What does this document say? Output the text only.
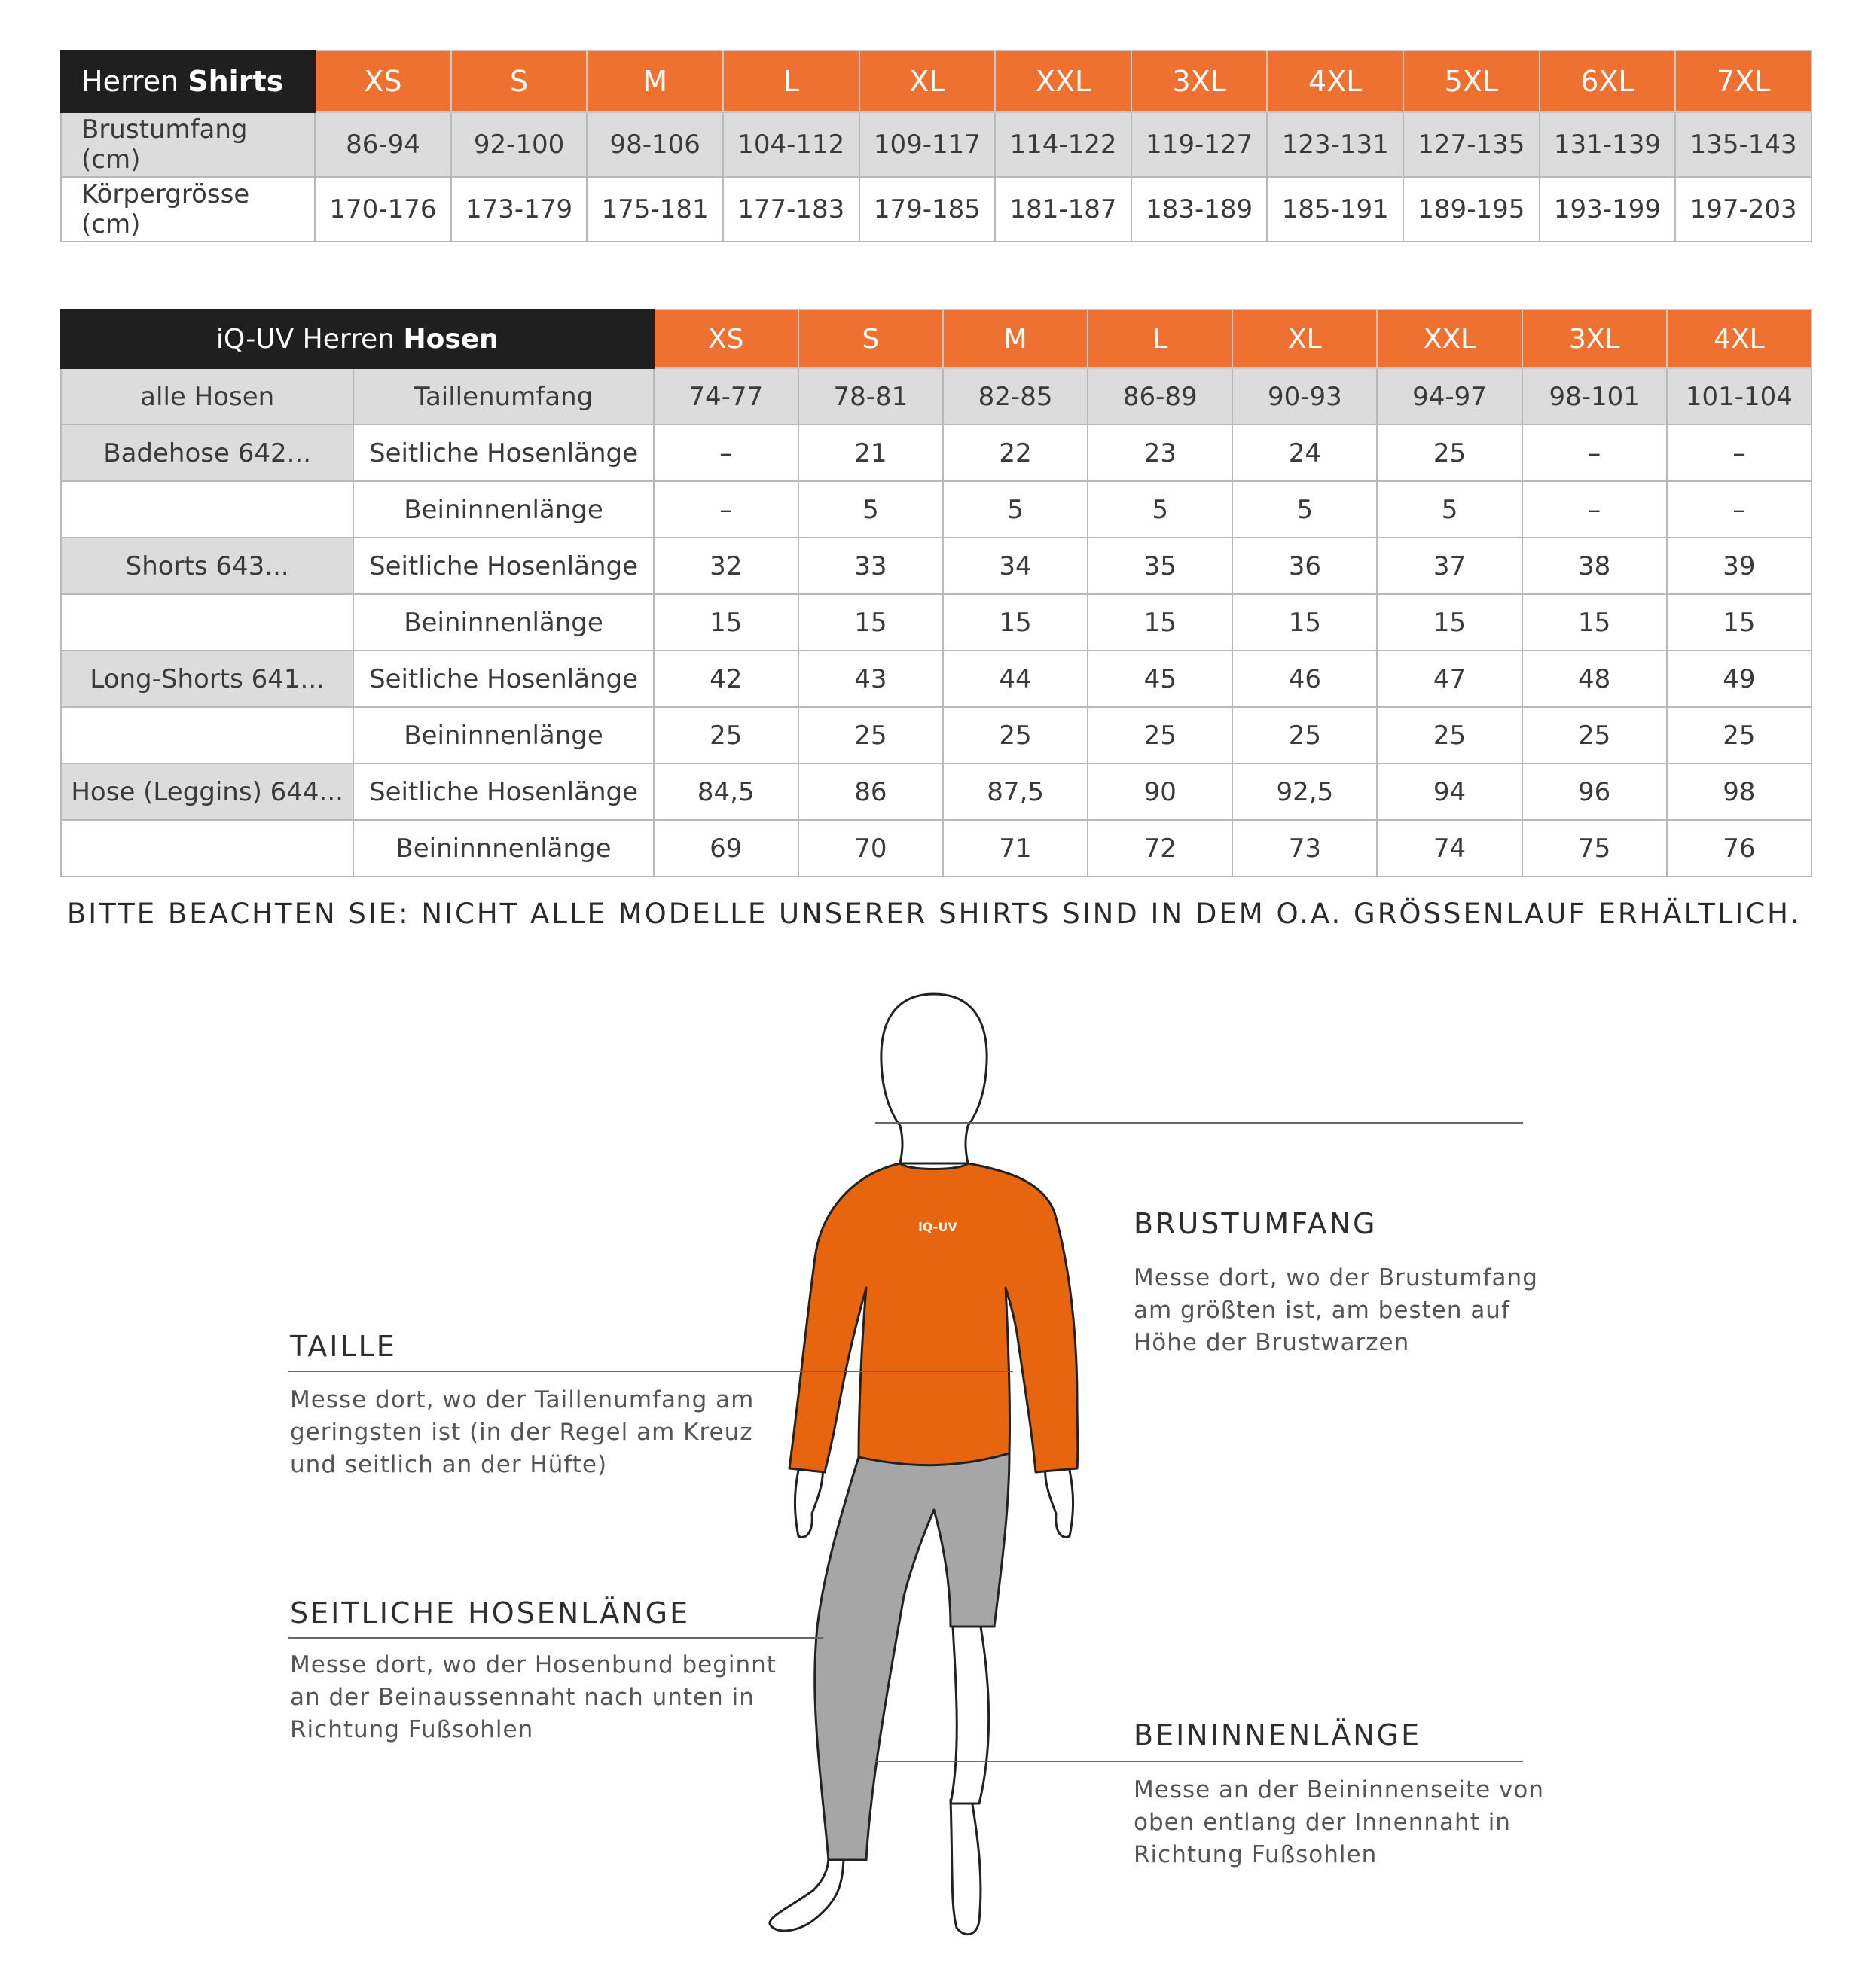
Herren Shirts	XS	S	M	L	XL	XXL	3XL	4XL	5XL	6XL	7XL
Brustumfang (cm)	86-94	92-100	98-106	104-112	109-117	114-122	119-127	123-131	127-135	131-139	135-143
Körpergrösse (cm)	170-176	173-179	175-181	177-183	179-185	181-187	183-189	185-191	189-195	193-199	197-203
iQ-UV Herren Hosen		XS	S	M	L	XL	XXL	3XL	4XL
alle Hosen	Taillenumfang	74-77	78-81	82-85	86-89	90-93	94-97	98-101	101-104
Badehose 642...	Seitliche Hosenlänge	–	21	22	23	24	25	–	–
	Beininnenlänge	–	5	5	5	5	5	–	–
Shorts 643...	Seitliche Hosenlänge	32	33	34	35	36	37	38	39
	Beininnenlänge	15	15	15	15	15	15	15	15
Long-Shorts 641...	Seitliche Hosenlänge	42	43	44	45	46	47	48	49
	Beininnenlänge	25	25	25	25	25	25	25	25
Hose (Leggins) 644...	Seitliche Hosenlänge	84,5	86	87,5	90	92,5	94	96	98
	Beininnnenlänge	69	70	71	72	73	74	75	76
BITTE BEACHTEN SIE: NICHT ALLE MODELLE UNSERER SHIRTS SIND IN DEM O.A. GRÖSSENLAUF ERHÄLTLICH.
iQ-UV	BRUSTUMFANG
Messe dort, wo der Brustumfang
am größten ist, am besten auf
Höhe der Brustwarzen
TAILLE
Messe dort, wo der Taillenumfang am
geringsten ist (in der Regel am Kreuz
und seitlich an der Hüfte)
SEITLICHE HOSENLÄNGE
Messe dort, wo der Hosenbund beginnt
an der Beinaussennaht nach unten in
Richtung Fußsohlen	BEININNENLÄNGE
Messe an der Beininnenseite von
oben entlang der Innennaht in
Richtung Fußsohlen
